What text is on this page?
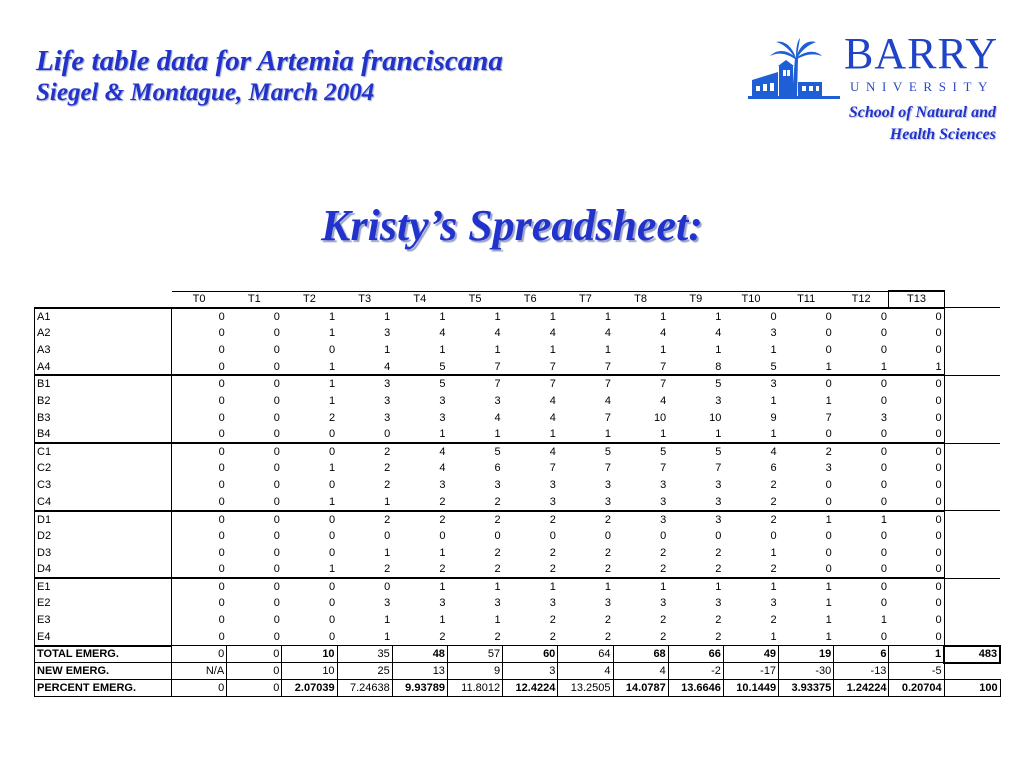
Life table data for Artemia franciscana
Siegel & Montague, March 2004
BARRY
UNIVERSITY
School of Natural and
Health Sciences
Kristy’s Spreadsheet:
	T0	T1	T2	T3	T4	T5	T6	T7	T8	T9	T10	T11	T12	T13	
A1	0	0	1	1	1	1	1	1	1	1	0	0	0	0	
A2	0	0	1	3	4	4	4	4	4	4	3	0	0	0	
A3	0	0	0	1	1	1	1	1	1	1	1	0	0	0	
A4	0	0	1	4	5	7	7	7	7	8	5	1	1	1	
B1	0	0	1	3	5	7	7	7	7	5	3	0	0	0	
B2	0	0	1	3	3	3	4	4	4	3	1	1	0	0	
B3	0	0	2	3	3	4	4	7	10	10	9	7	3	0	
B4	0	0	0	0	1	1	1	1	1	1	1	0	0	0	
C1	0	0	0	2	4	5	4	5	5	5	4	2	0	0	
C2	0	0	1	2	4	6	7	7	7	7	6	3	0	0	
C3	0	0	0	2	3	3	3	3	3	3	2	0	0	0	
C4	0	0	1	1	2	2	3	3	3	3	2	0	0	0	
D1	0	0	0	2	2	2	2	2	3	3	2	1	1	0	
D2	0	0	0	0	0	0	0	0	0	0	0	0	0	0	
D3	0	0	0	1	1	2	2	2	2	2	1	0	0	0	
D4	0	0	1	2	2	2	2	2	2	2	2	0	0	0	
E1	0	0	0	0	1	1	1	1	1	1	1	1	0	0	
E2	0	0	0	3	3	3	3	3	3	3	3	1	0	0	
E3	0	0	0	1	1	1	2	2	2	2	2	1	1	0	
E4	0	0	0	1	2	2	2	2	2	2	1	1	0	0	
TOTAL EMERG.	0	0	10	35	48	57	60	64	68	66	49	19	6	1	483
NEW EMERG.	N/A	0	10	25	13	9	3	4	4	-2	-17	-30	-13	-5	
PERCENT EMERG.	0	0	2.07039	7.24638	9.93789	11.8012	12.4224	13.2505	14.0787	13.6646	10.1449	3.93375	1.24224	0.20704	100
